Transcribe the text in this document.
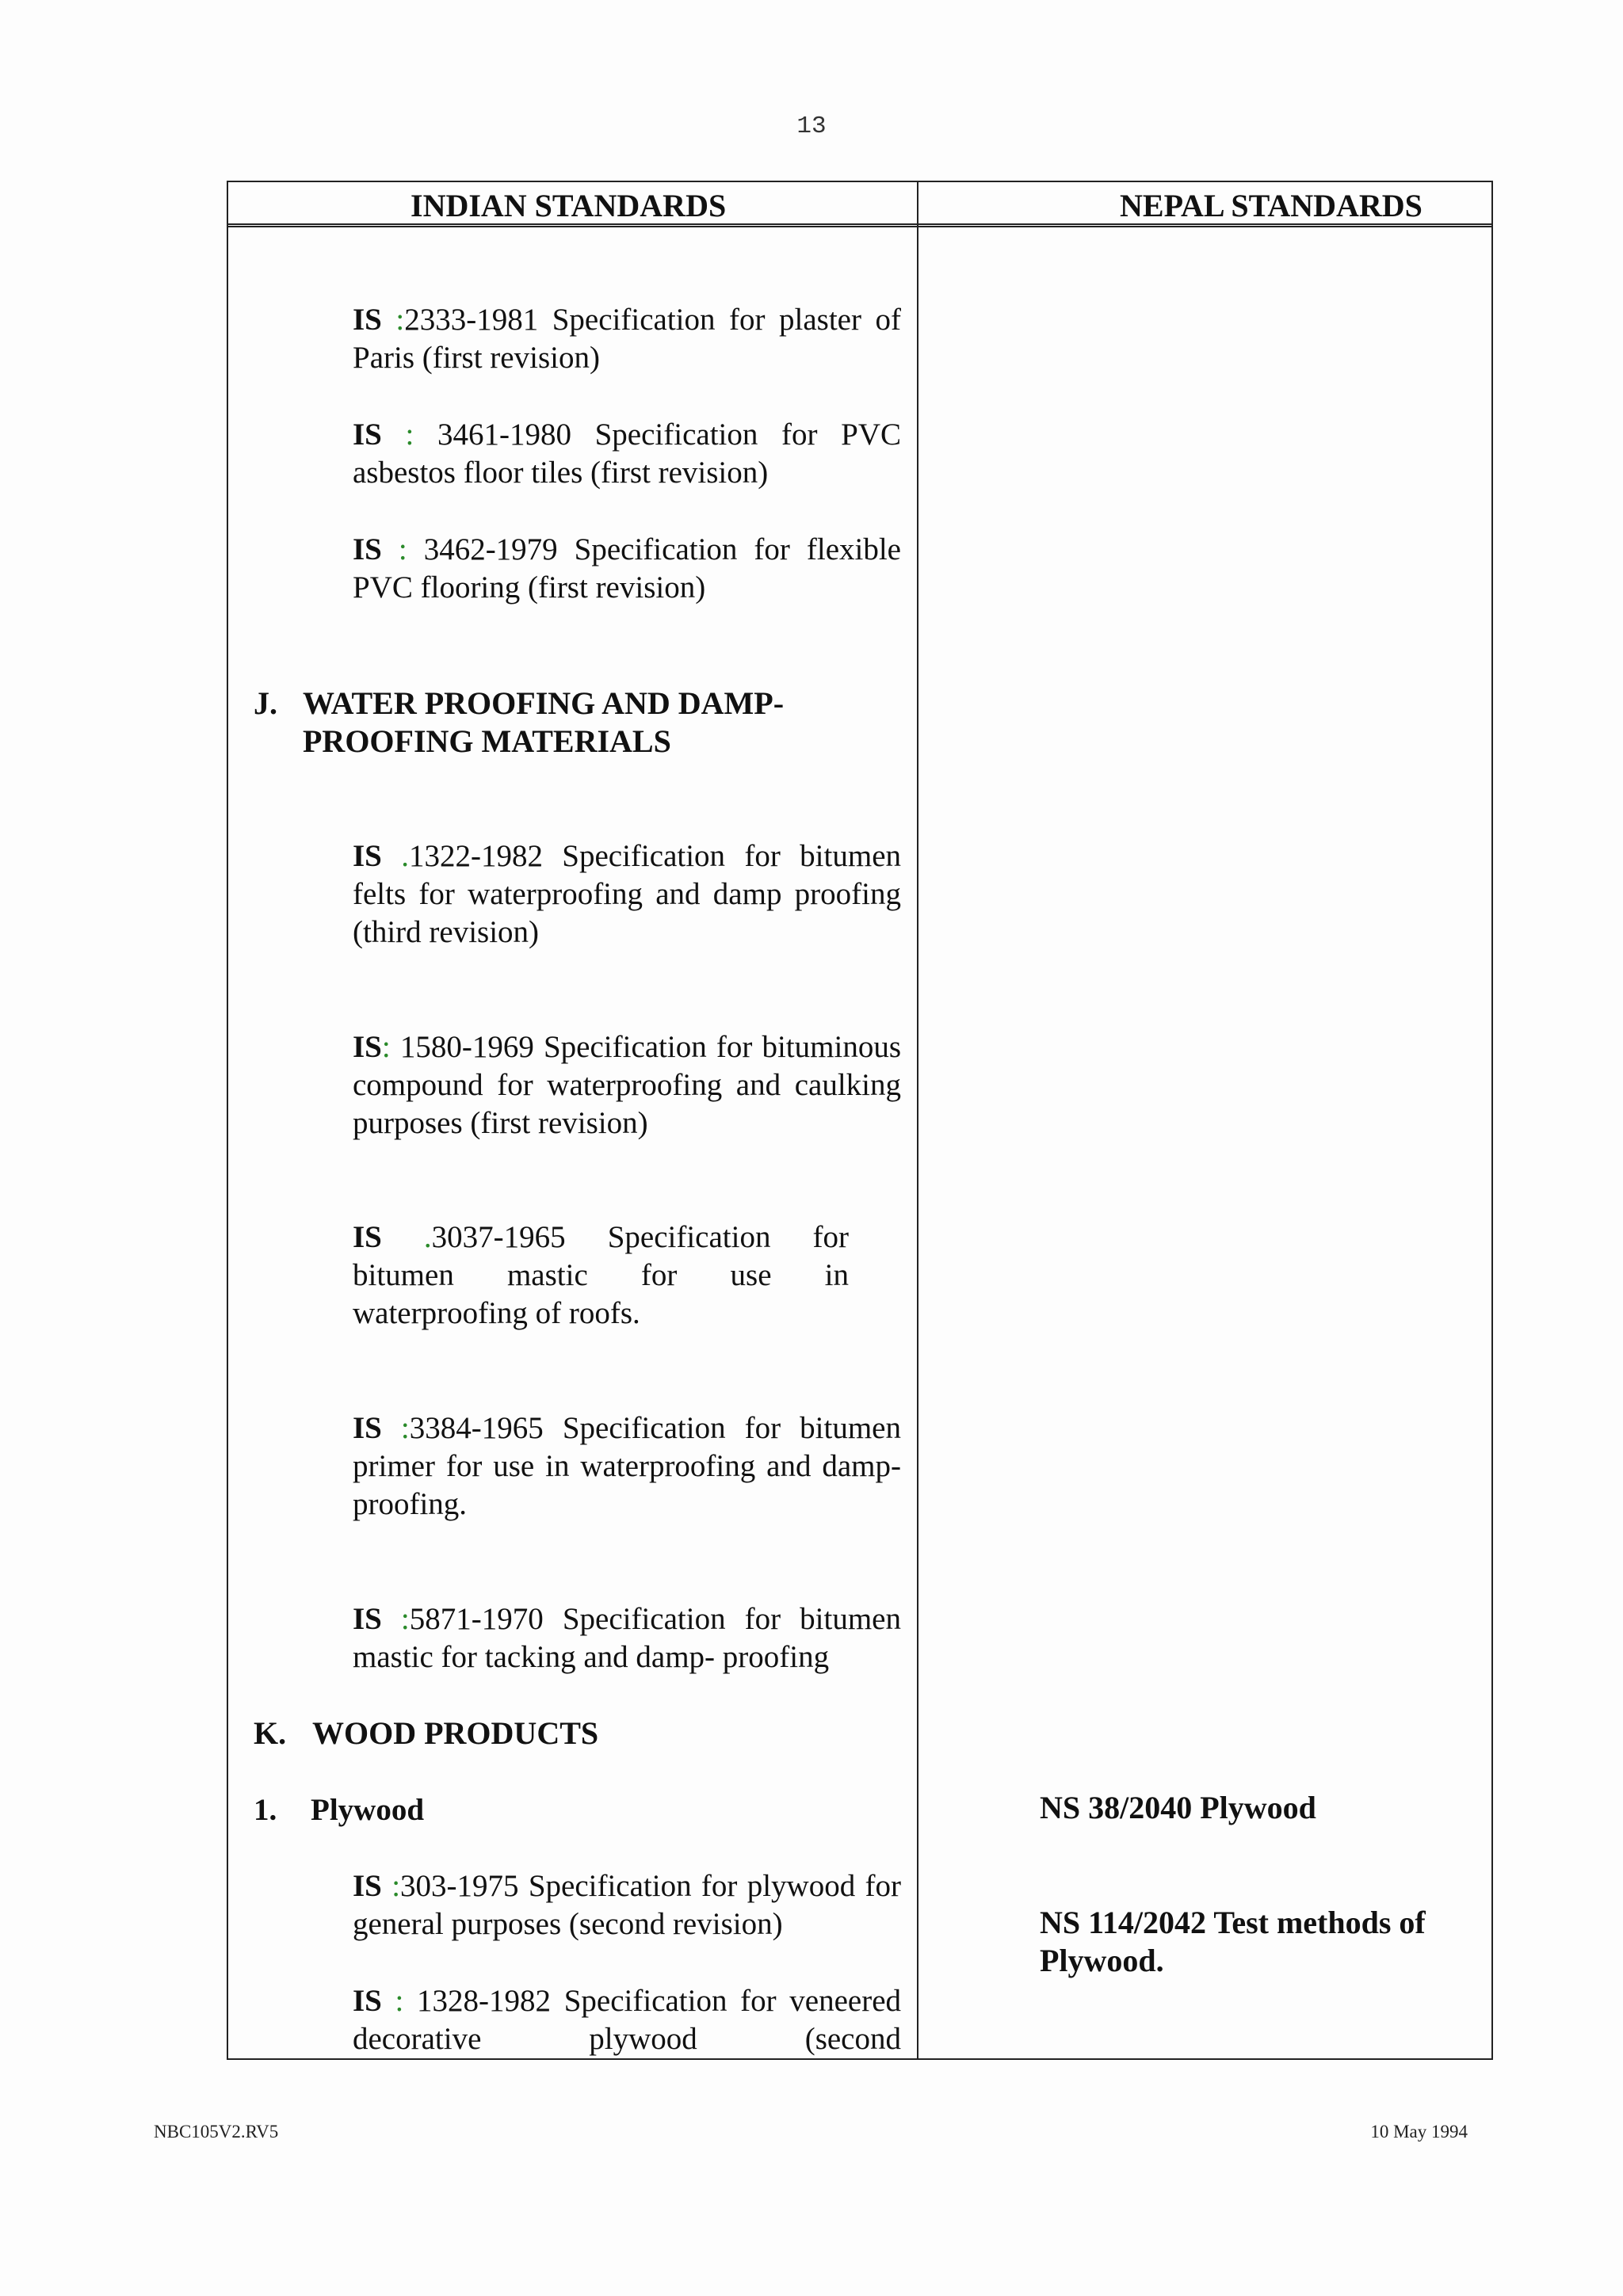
13
INDIAN STANDARDS	NEPAL STANDARDS
IS :2333-1981 Specification for plaster of Paris (first revision)
IS : 3461-1980 Specification for PVC asbestos floor tiles (first revision)
IS : 3462-1979 Specification for flexible PVC flooring (first revision)
J. WATER PROOFING AND DAMP-
PROOFING MATERIALS
IS .1322-1982 Specification for bitumen felts for waterproofing and damp proofing (third revision)
IS: 1580-1969 Specification for bituminous compound for waterproofing and caulking purposes (first revision)
IS .3037-1965 Specification for bitumen mastic for use in waterproofing of roofs.
IS :3384-1965 Specification for bitumen primer for use in waterproofing and damp-proofing.
IS :5871-1970 Specification for bitumen mastic for tacking and damp- proofing
K. WOOD PRODUCTS
1. Plywood
IS :303-1975 Specification for plywood for general purposes (second revision)
IS : 1328-1982 Specification for veneered decorative plywood (second
NS 38/2040 Plywood
NS 114/2042 Test methods of Plywood.
NBC105V2.RV5	10 May 1994
